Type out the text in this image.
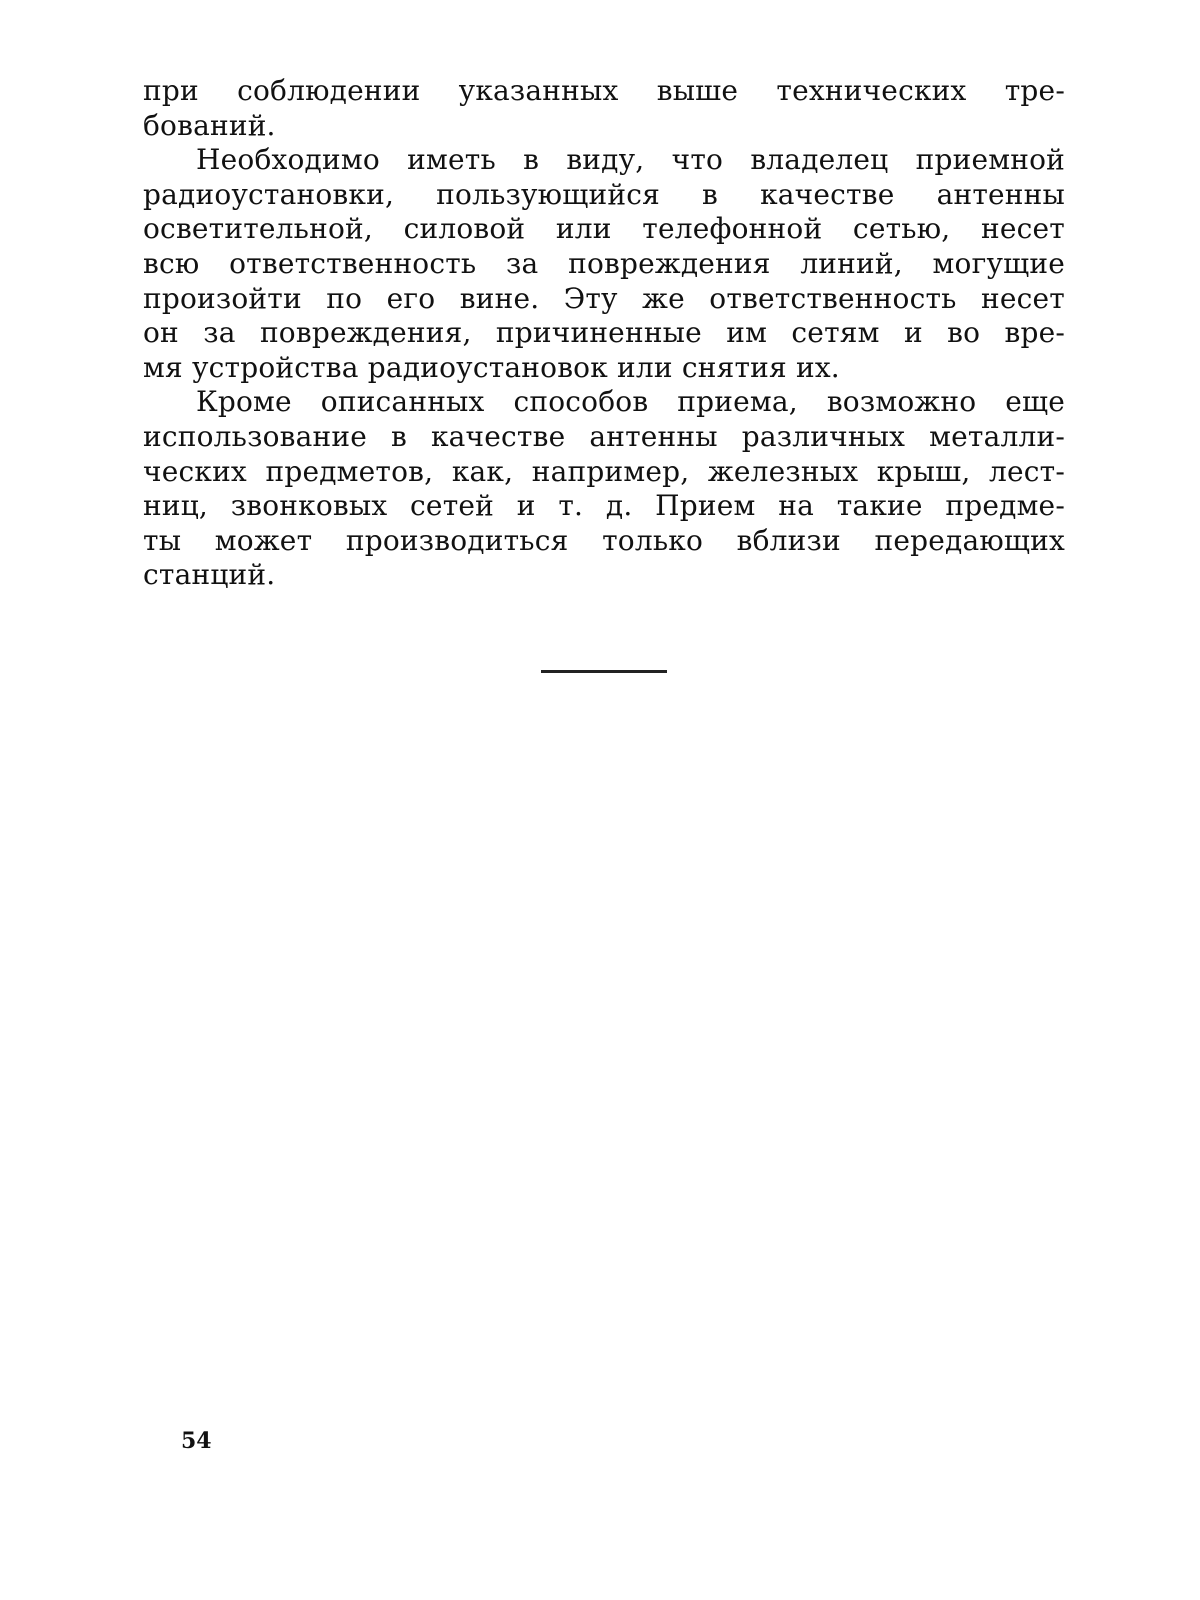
при соблюдении указанных выше технических тре-
бований.
Необходимо иметь в виду, что владелец приемной
радиоустановки, пользующийся в качестве антенны
осветительной, силовой или телефонной сетью, несет
всю ответственность за повреждения линий, могущие
произойти по его вине. Эту же ответственность несет
он за повреждения, причиненные им сетям и во вре-
мя устройства радиоустановок или снятия их.
Кроме описанных способов приема, возможно еще
использование в качестве антенны различных металли-
ческих предметов, как, например, железных крыш, лест-
ниц, звонковых сетей и т. д. Прием на такие предме-
ты может производиться только вблизи передающих
станций.
54
